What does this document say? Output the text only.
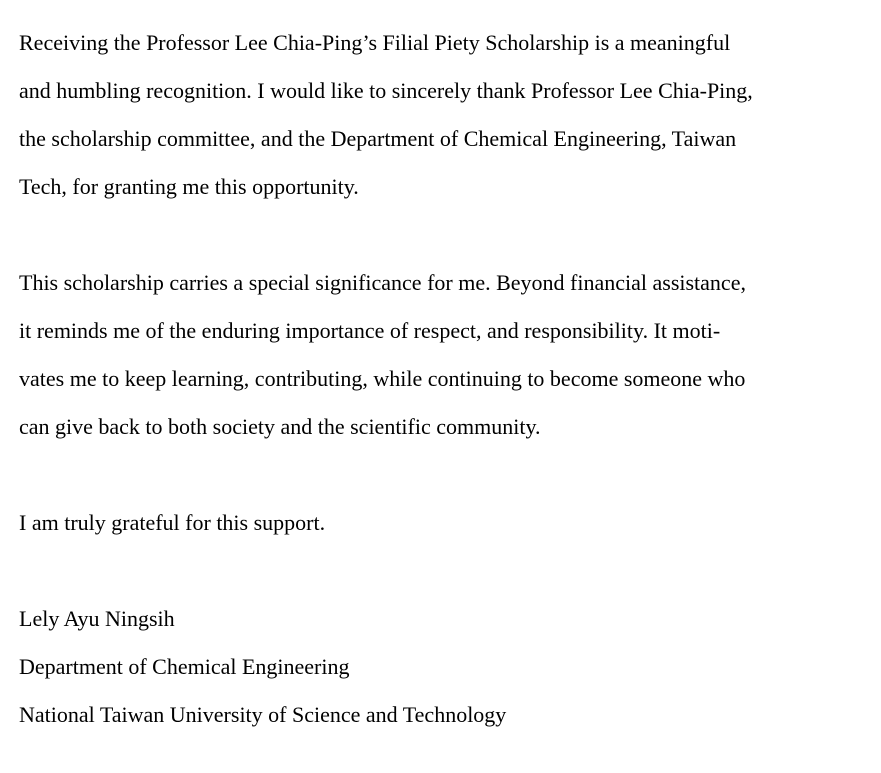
Receiving the Professor Lee Chia-Ping’s Filial Piety Scholarship is a meaningful
and humbling recognition. I would like to sincerely thank Professor Lee Chia-Ping,
the scholarship committee, and the Department of Chemical Engineering, Taiwan
Tech, for granting me this opportunity.

This scholarship carries a special significance for me. Beyond financial assistance,
it reminds me of the enduring importance of respect, and responsibility. It moti-
vates me to keep learning, contributing, while continuing to become someone who
can give back to both society and the scientific community.

I am truly grateful for this support.

Lely Ayu Ningsih
Department of Chemical Engineering
National Taiwan University of Science and Technology
